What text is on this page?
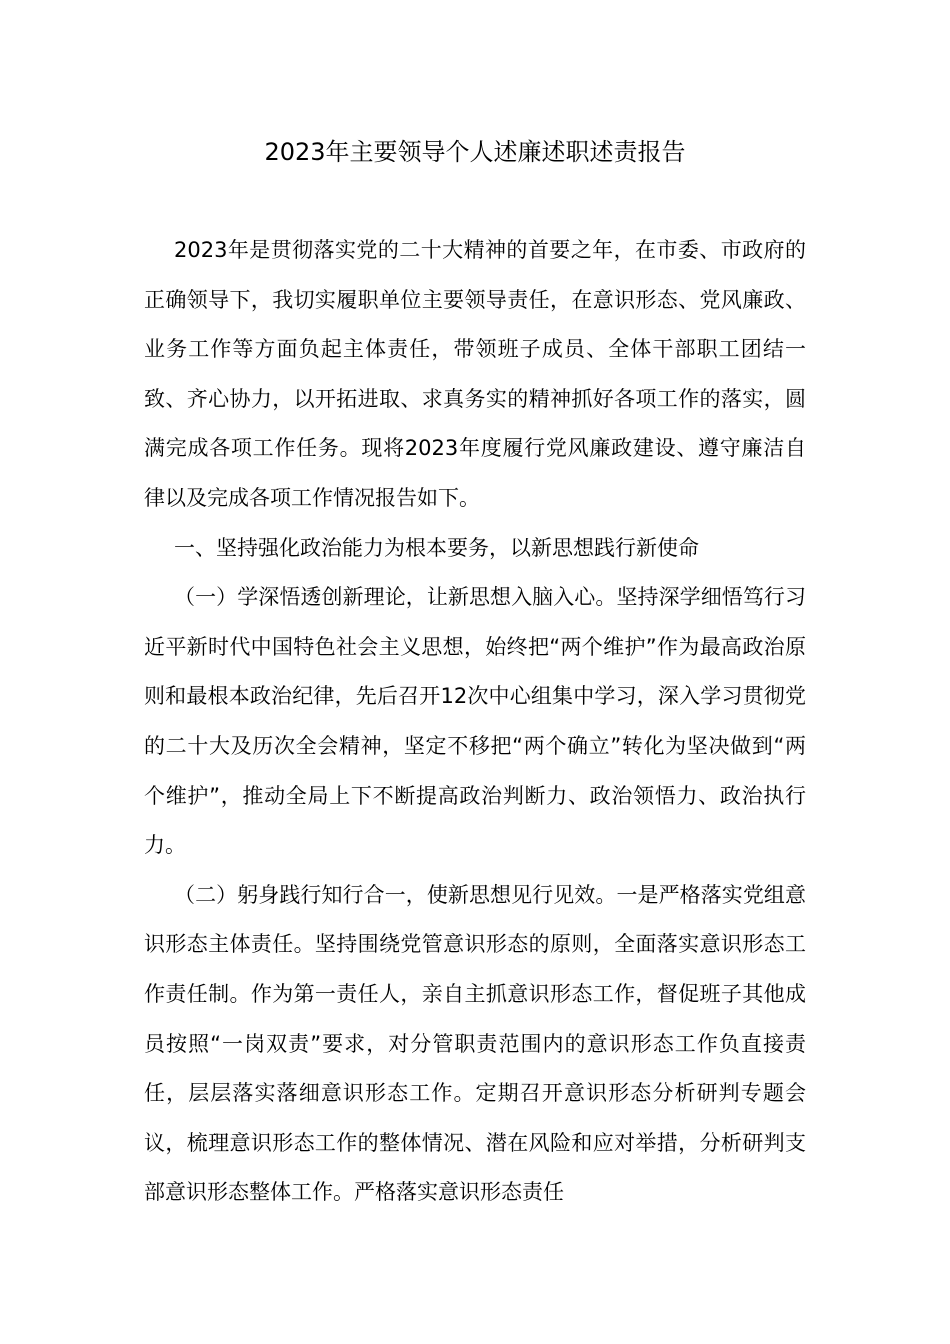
2023年主要领导个人述廉述职述责报告

2023年是贯彻落实党的二十大精神的首要之年，在市委、市政府的正确领导下，我切实履职单位主要领导责任，在意识形态、党风廉政、业务工作等方面负起主体责任，带领班子成员、全体干部职工团结一致、齐心协力，以开拓进取、求真务实的精神抓好各项工作的落实，圆满完成各项工作任务。现将2023年度履行党风廉政建设、遵守廉洁自律以及完成各项工作情况报告如下。

一、坚持强化政治能力为根本要务，以新思想践行新使命

（一）学深悟透创新理论，让新思想入脑入心。坚持深学细悟笃行习近平新时代中国特色社会主义思想，始终把“两个维护”作为最高政治原则和最根本政治纪律，先后召开12次中心组集中学习，深入学习贯彻党的二十大及历次全会精神，坚定不移把“两个确立”转化为坚决做到“两个维护”，推动全局上下不断提高政治判断力、政治领悟力、政治执行力。

（二）躬身践行知行合一，使新思想见行见效。一是严格落实党组意识形态主体责任。坚持围绕党管意识形态的原则，全面落实意识形态工作责任制。作为第一责任人，亲自主抓意识形态工作，督促班子其他成员按照“一岗双责”要求，对分管职责范围内的意识形态工作负直接责任，层层落实落细意识形态工作。定期召开意识形态分析研判专题会议，梳理意识形态工作的整体情况、潜在风险和应对举措，分析研判支部意识形态整体工作。严格落实意识形态责任
